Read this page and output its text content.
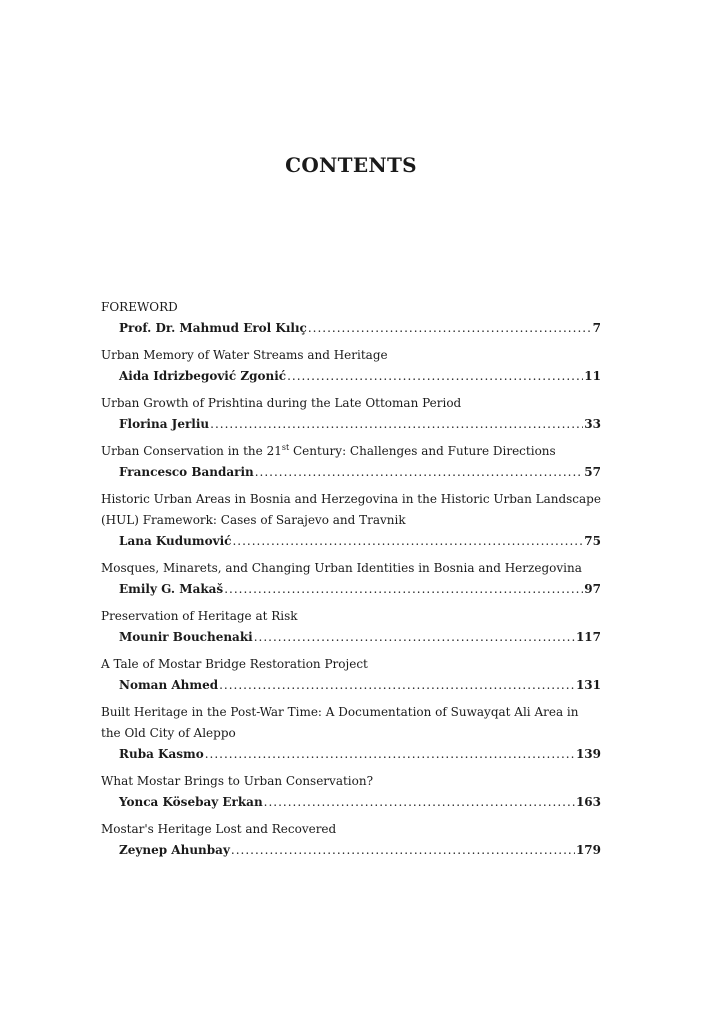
CONTENTS

FOREWORD

Prof. Dr. Mahmud Erol Kılıç .....	7

Urban Memory of Water Streams and Heritage

Aida Idrizbegović Zgonić .....	11

Urban Growth of Prishtina during the Late Ottoman Period

Florina Jerliu .....	33

Urban Conservation in the 21st Century: Challenges and Future Directions

Francesco Bandarin .....	57

Historic Urban Areas in Bosnia and Herzegovina in the Historic Urban Landscape (HUL) Framework: Cases of Sarajevo and Travnik

Lana Kudumović .....	75

Mosques, Minarets, and Changing Urban Identities in Bosnia and Herzegovina

Emily G. Makaš .....	97

Preservation of Heritage at Risk

Mounir Bouchenaki .....	117

A Tale of Mostar Bridge Restoration Project

Noman Ahmed .....	131

Built Heritage in the Post-War Time: A Documentation of Suwayqat Ali Area in the Old City of Aleppo

Ruba Kasmo .....	139

What Mostar Brings to Urban Conservation?

Yonca Kösebay Erkan .....	163

Mostar's Heritage Lost and Recovered

Zeynep Ahunbay .....	179
